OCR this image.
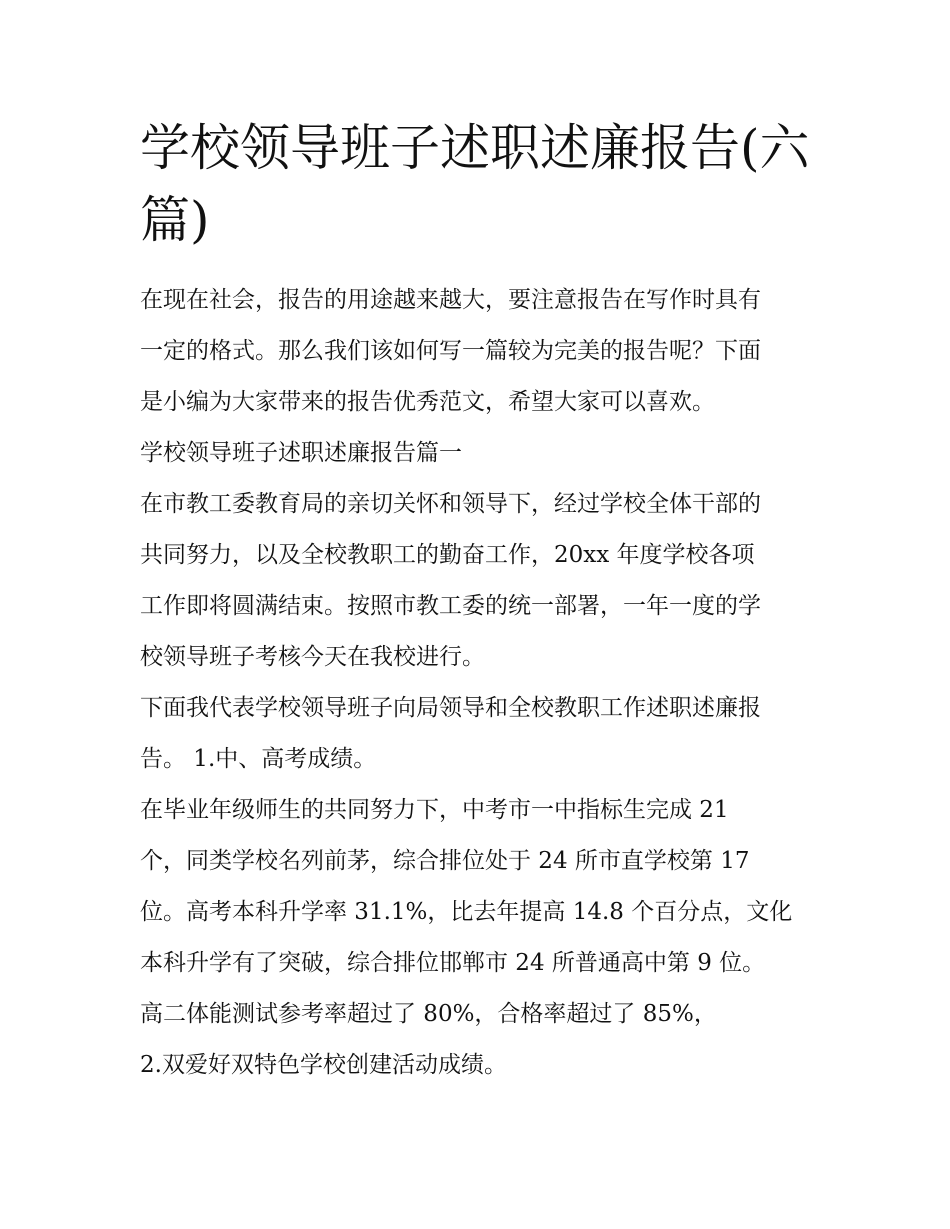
学校领导班子述职述廉报告(六篇)

在现在社会，报告的用途越来越大，要注意报告在写作时具有

一定的格式。那么我们该如何写一篇较为完美的报告呢？下面

是小编为大家带来的报告优秀范文，希望大家可以喜欢。

学校领导班子述职述廉报告篇一

在市教工委教育局的亲切关怀和领导下，经过学校全体干部的

共同努力，以及全校教职工的勤奋工作，20xx 年度学校各项

工作即将圆满结束。按照市教工委的统一部署，一年一度的学

校领导班子考核今天在我校进行。

下面我代表学校领导班子向局领导和全校教职工作述职述廉报

告。 1.中、高考成绩。

在毕业年级师生的共同努力下，中考市一中指标生完成 21

个，同类学校名列前茅，综合排位处于 24 所市直学校第 17

位。高考本科升学率 31.1%，比去年提高 14.8 个百分点，文化

本科升学有了突破，综合排位邯郸市 24 所普通高中第 9 位。

高二体能测试参考率超过了 80%，合格率超过了 85%，

2.双爱好双特色学校创建活动成绩。
